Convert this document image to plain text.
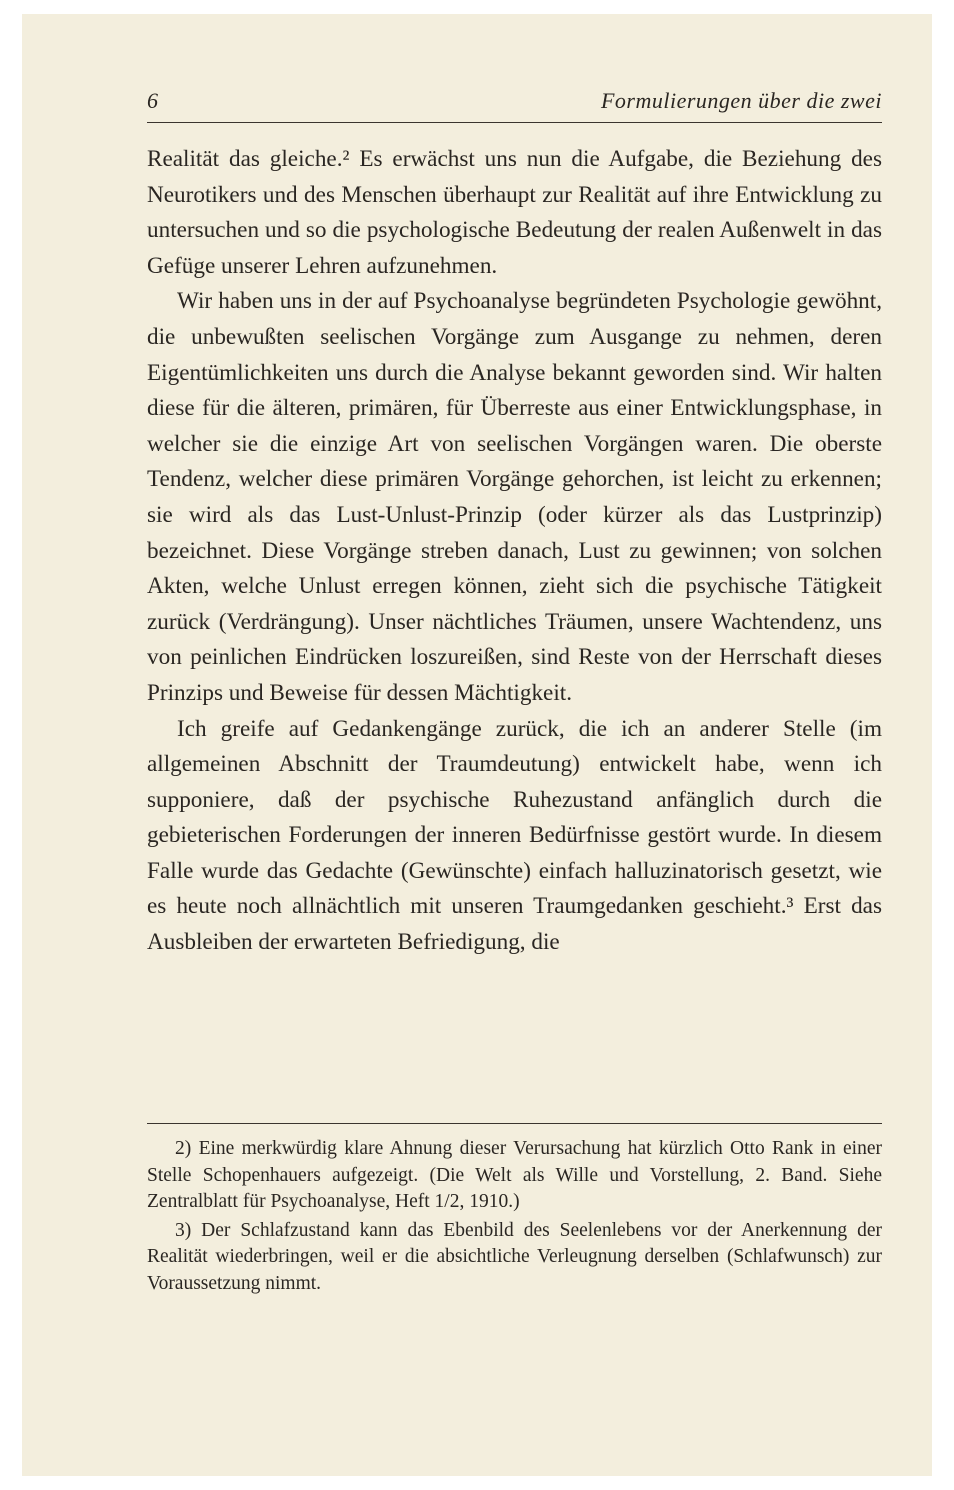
6	Formulierungen über die zwei

Realität das gleiche.² Es erwächst uns nun die Aufgabe, die Beziehung des Neurotikers und des Menschen überhaupt zur Realität auf ihre Entwicklung zu untersuchen und so die psychologische Bedeutung der realen Außenwelt in das Gefüge unserer Lehren aufzunehmen.

Wir haben uns in der auf Psychoanalyse begründeten Psychologie gewöhnt, die unbewußten seelischen Vorgänge zum Ausgange zu nehmen, deren Eigentümlichkeiten uns durch die Analyse bekannt geworden sind. Wir halten diese für die älteren, primären, für Überreste aus einer Entwicklungsphase, in welcher sie die einzige Art von seelischen Vorgängen waren. Die oberste Tendenz, welcher diese primären Vorgänge gehorchen, ist leicht zu erkennen; sie wird als das Lust-Unlust-Prinzip (oder kürzer als das Lustprinzip) bezeichnet. Diese Vorgänge streben danach, Lust zu gewinnen; von solchen Akten, welche Unlust erregen können, zieht sich die psychische Tätigkeit zurück (Verdrängung). Unser nächtliches Träumen, unsere Wachtendenz, uns von peinlichen Eindrücken loszureißen, sind Reste von der Herrschaft dieses Prinzips und Beweise für dessen Mächtigkeit.

Ich greife auf Gedankengänge zurück, die ich an anderer Stelle (im allgemeinen Abschnitt der Traumdeutung) entwickelt habe, wenn ich supponiere, daß der psychische Ruhezustand anfänglich durch die gebieterischen Forderungen der inneren Bedürfnisse gestört wurde. In diesem Falle wurde das Gedachte (Gewünschte) einfach halluzinatorisch gesetzt, wie es heute noch allnächtlich mit unseren Traumgedanken geschieht.³ Erst das Ausbleiben der erwarteten Befriedigung, die

2) Eine merkwürdig klare Ahnung dieser Verursachung hat kürzlich Otto Rank in einer Stelle Schopenhauers aufgezeigt. (Die Welt als Wille und Vorstellung, 2. Band. Siehe Zentralblatt für Psychoanalyse, Heft 1/2, 1910.)

3) Der Schlafzustand kann das Ebenbild des Seelenlebens vor der Anerkennung der Realität wiederbringen, weil er die absichtliche Verleugnung derselben (Schlafwunsch) zur Voraussetzung nimmt.
